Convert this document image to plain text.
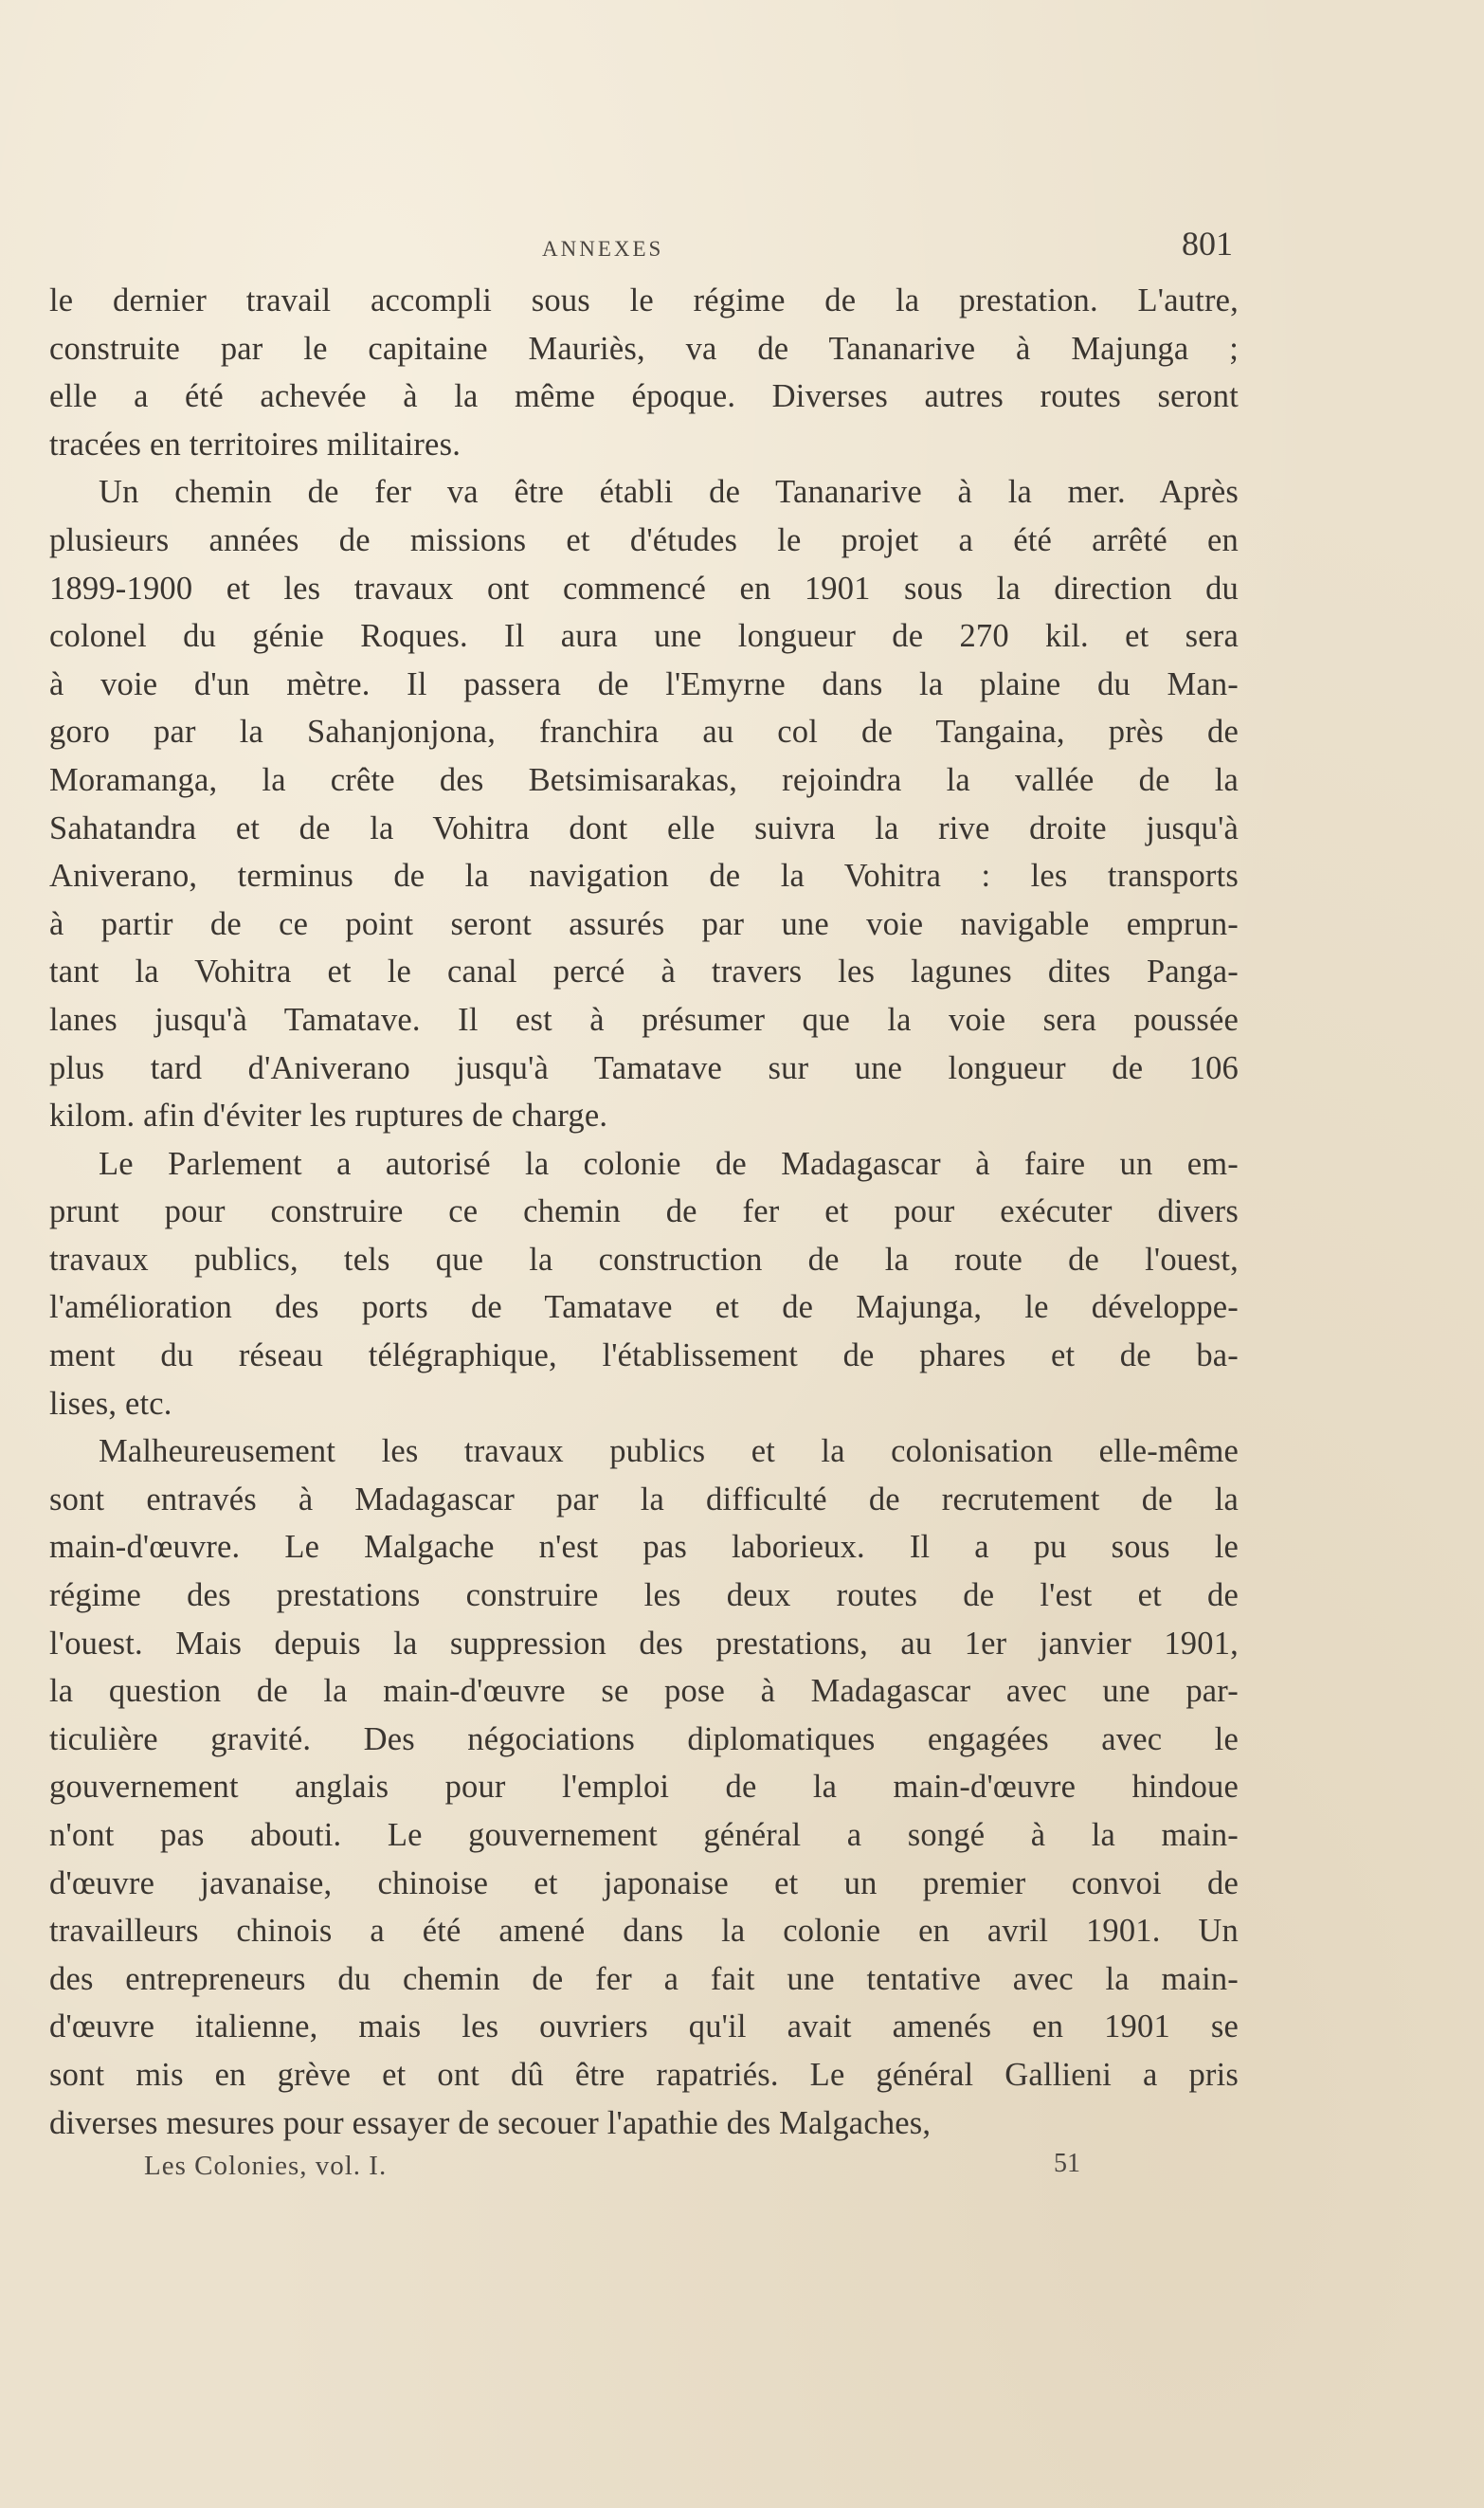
ANNEXES	801

le dernier travail accompli sous le régime de la prestation. L'autre,
construite par le capitaine Mauriès, va de Tananarive à Majunga ;
elle a été achevée à la même époque. Diverses autres routes seront
tracées en territoires militaires.

Un chemin de fer va être établi de Tananarive à la mer. Après
plusieurs années de missions et d'études le projet a été arrêté en
1899-1900 et les travaux ont commencé en 1901 sous la direction du
colonel du génie Roques. Il aura une longueur de 270 kil. et sera
à voie d'un mètre. Il passera de l'Emyrne dans la plaine du Man-
goro par la Sahanjonjona, franchira au col de Tangaina, près de
Moramanga, la crête des Betsimisarakas, rejoindra la vallée de la
Sahatandra et de la Vohitra dont elle suivra la rive droite jusqu'à
Aniverano, terminus de la navigation de la Vohitra : les transports
à partir de ce point seront assurés par une voie navigable emprun-
tant la Vohitra et le canal percé à travers les lagunes dites Panga-
lanes jusqu'à Tamatave. Il est à présumer que la voie sera poussée
plus tard d'Aniverano jusqu'à Tamatave sur une longueur de 106
kilom. afin d'éviter les ruptures de charge.

Le Parlement a autorisé la colonie de Madagascar à faire un em-
prunt pour construire ce chemin de fer et pour exécuter divers
travaux publics, tels que la construction de la route de l'ouest,
l'amélioration des ports de Tamatave et de Majunga, le développe-
ment du réseau télégraphique, l'établissement de phares et de ba-
lises, etc.

Malheureusement les travaux publics et la colonisation elle-même
sont entravés à Madagascar par la difficulté de recrutement de la
main-d'œuvre. Le Malgache n'est pas laborieux. Il a pu sous le
régime des prestations construire les deux routes de l'est et de
l'ouest. Mais depuis la suppression des prestations, au 1er janvier 1901,
la question de la main-d'œuvre se pose à Madagascar avec une par-
ticulière gravité. Des négociations diplomatiques engagées avec le
gouvernement anglais pour l'emploi de la main-d'œuvre hindoue
n'ont pas abouti. Le gouvernement général a songé à la main-
d'œuvre javanaise, chinoise et japonaise et un premier convoi de
travailleurs chinois a été amené dans la colonie en avril 1901. Un
des entrepreneurs du chemin de fer a fait une tentative avec la main-
d'œuvre italienne, mais les ouvriers qu'il avait amenés en 1901 se
sont mis en grève et ont dû être rapatriés. Le général Gallieni a pris
diverses mesures pour essayer de secouer l'apathie des Malgaches,

Les Colonies, vol. I.	51
